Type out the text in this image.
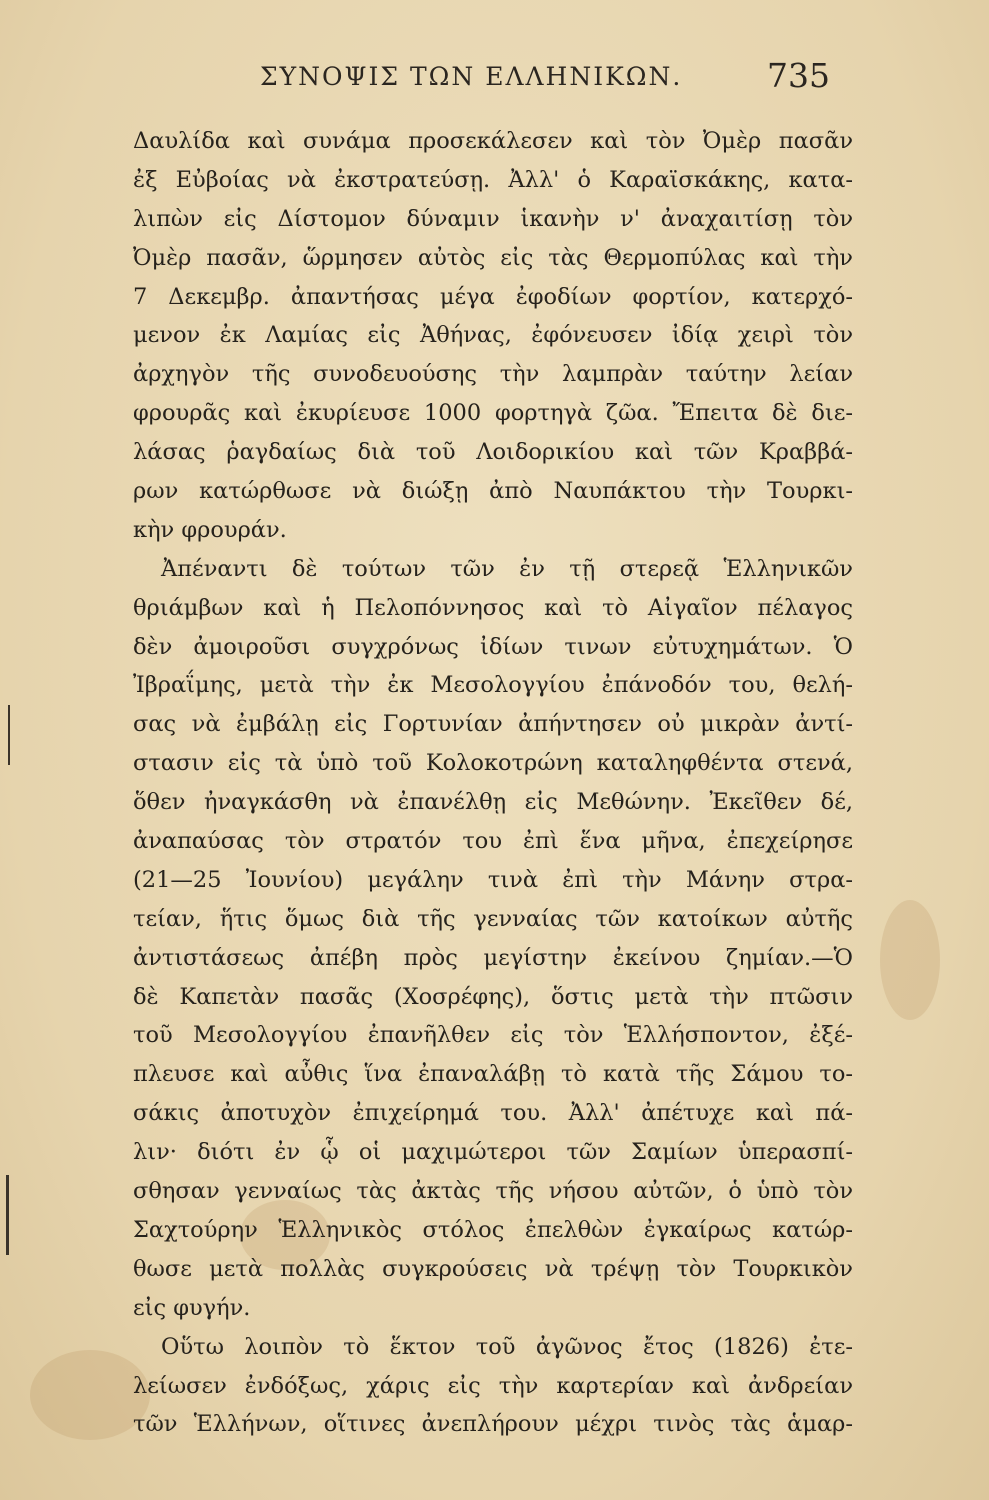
ΣΥΝΟΨΙΣ ΤΩΝ ΕΛΛΗΝΙΚΩΝ.	735
Δαυλίδα καὶ συνάμα προσεκάλεσεν καὶ τὸν Ὀμὲρ πασᾶν
ἐξ Εὐβοίας νὰ ἐκστρατεύσῃ. Ἀλλ' ὁ Καραϊσκάκης, κατα-
λιπὼν εἰς Δίστομον δύναμιν ἱκανὴν ν' ἀναχαιτίσῃ τὸν
Ὀμὲρ πασᾶν, ὥρμησεν αὐτὸς εἰς τὰς Θερμοπύλας καὶ τὴν
7 Δεκεμβρ. ἀπαντήσας μέγα ἐφοδίων φορτίον, κατερχό-
μενον ἐκ Λαμίας εἰς Ἀθήνας, ἐφόνευσεν ἰδίᾳ χειρὶ τὸν
ἀρχηγὸν τῆς συνοδευούσης τὴν λαμπρὰν ταύτην λείαν
φρουρᾶς καὶ ἐκυρίευσε 1000 φορτηγὰ ζῶα. Ἔπειτα δὲ διε-
λάσας ῥαγδαίως διὰ τοῦ Λοιδορικίου καὶ τῶν Κραββά-
ρων κατώρθωσε νὰ διώξῃ ἀπὸ Ναυπάκτου τὴν Τουρκι-
κὴν φρουράν.
Ἀπέναντι δὲ τούτων τῶν ἐν τῇ στερεᾷ Ἑλληνικῶν
θριάμβων καὶ ἡ Πελοπόννησος καὶ τὸ Αἰγαῖον πέλαγος
δὲν ἀμοιροῦσι συγχρόνως ἰδίων τινων εὐτυχημάτων. Ὁ
Ἰβραΐμης, μετὰ τὴν ἐκ Μεσολογγίου ἐπάνοδόν του, θελή-
σας νὰ ἐμβάλῃ εἰς Γορτυνίαν ἀπήντησεν οὐ μικρὰν ἀντί-
στασιν εἰς τὰ ὑπὸ τοῦ Κολοκοτρώνη καταληφθέντα στενά,
ὅθεν ἠναγκάσθη νὰ ἐπανέλθῃ εἰς Μεθώνην. Ἐκεῖθεν δέ,
ἀναπαύσας τὸν στρατόν του ἐπὶ ἕνα μῆνα, ἐπεχείρησε
(21—25 Ἰουνίου) μεγάλην τινὰ ἐπὶ τὴν Μάνην στρα-
τείαν, ἥτις ὅμως διὰ τῆς γενναίας τῶν κατοίκων αὐτῆς
ἀντιστάσεως ἀπέβη πρὸς μεγίστην ἐκείνου ζημίαν.—Ὁ
δὲ Καπετὰν πασᾶς (Χοσρέφης), ὅστις μετὰ τὴν πτῶσιν
τοῦ Μεσολογγίου ἐπανῆλθεν εἰς τὸν Ἑλλήσποντον, ἐξέ-
πλευσε καὶ αὖθις ἵνα ἐπαναλάβῃ τὸ κατὰ τῆς Σάμου το-
σάκις ἀποτυχὸν ἐπιχείρημά του. Ἀλλ' ἀπέτυχε καὶ πά-
λιν· διότι ἐν ᾧ οἱ μαχιμώτεροι τῶν Σαμίων ὑπερασπί-
σθησαν γενναίως τὰς ἀκτὰς τῆς νήσου αὐτῶν, ὁ ὑπὸ τὸν
Σαχτούρην Ἑλληνικὸς στόλος ἐπελθὼν ἐγκαίρως κατώρ-
θωσε μετὰ πολλὰς συγκρούσεις νὰ τρέψῃ τὸν Τουρκικὸν
εἰς φυγήν.
Οὕτω λοιπὸν τὸ ἕκτον τοῦ ἀγῶνος ἔτος (1826) ἐτε-
λείωσεν ἐνδόξως, χάρις εἰς τὴν καρτερίαν καὶ ἀνδρείαν
τῶν Ἑλλήνων, οἵτινες ἀνεπλήρουν μέχρι τινὸς τὰς ἁμαρ-
